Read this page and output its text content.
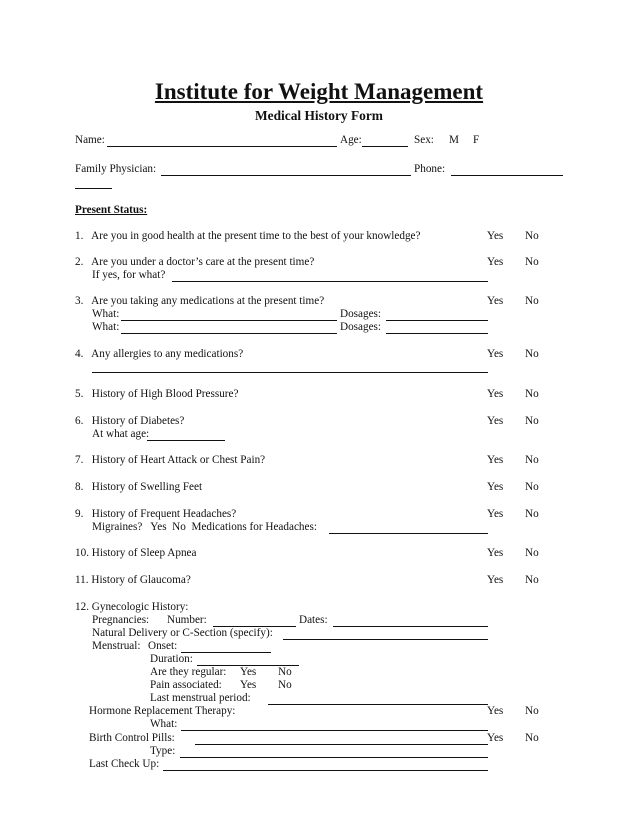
Institute for Weight Management
Medical History Form
Name:	Age:	Sex: M F
Family Physician:	Phone:
Present Status:
1.   Are you in good health at the present time to the best of your knowledge?	Yes No
2.   Are you under a doctor’s care at the present time?	Yes No
If yes, for what?
3.   Are you taking any medications at the present time?	Yes No
What:	Dosages:
What:	Dosages:
4.   Any allergies to any medications?	Yes No
5.   History of High Blood Pressure?	Yes No
6.   History of Diabetes?	Yes No
At what age:
7.   History of Heart Attack or Chest Pain?	Yes No
8.   History of Swelling Feet	Yes No
9.   History of Frequent Headaches?	Yes No
Migraines?   Yes  No  Medications for Headaches:
10. History of Sleep Apnea	Yes No
11. History of Glaucoma?	Yes No
12. Gynecologic History:
Pregnancies: Number:	Dates:
Natural Delivery or C-Section (specify):
Menstrual: Onset:
Duration:
Are they regular: Yes No
Pain associated: Yes No
Last menstrual period:
Hormone Replacement Therapy:	Yes No
What:
Birth Control Pills:	Yes No
Type:
Last Check Up:
